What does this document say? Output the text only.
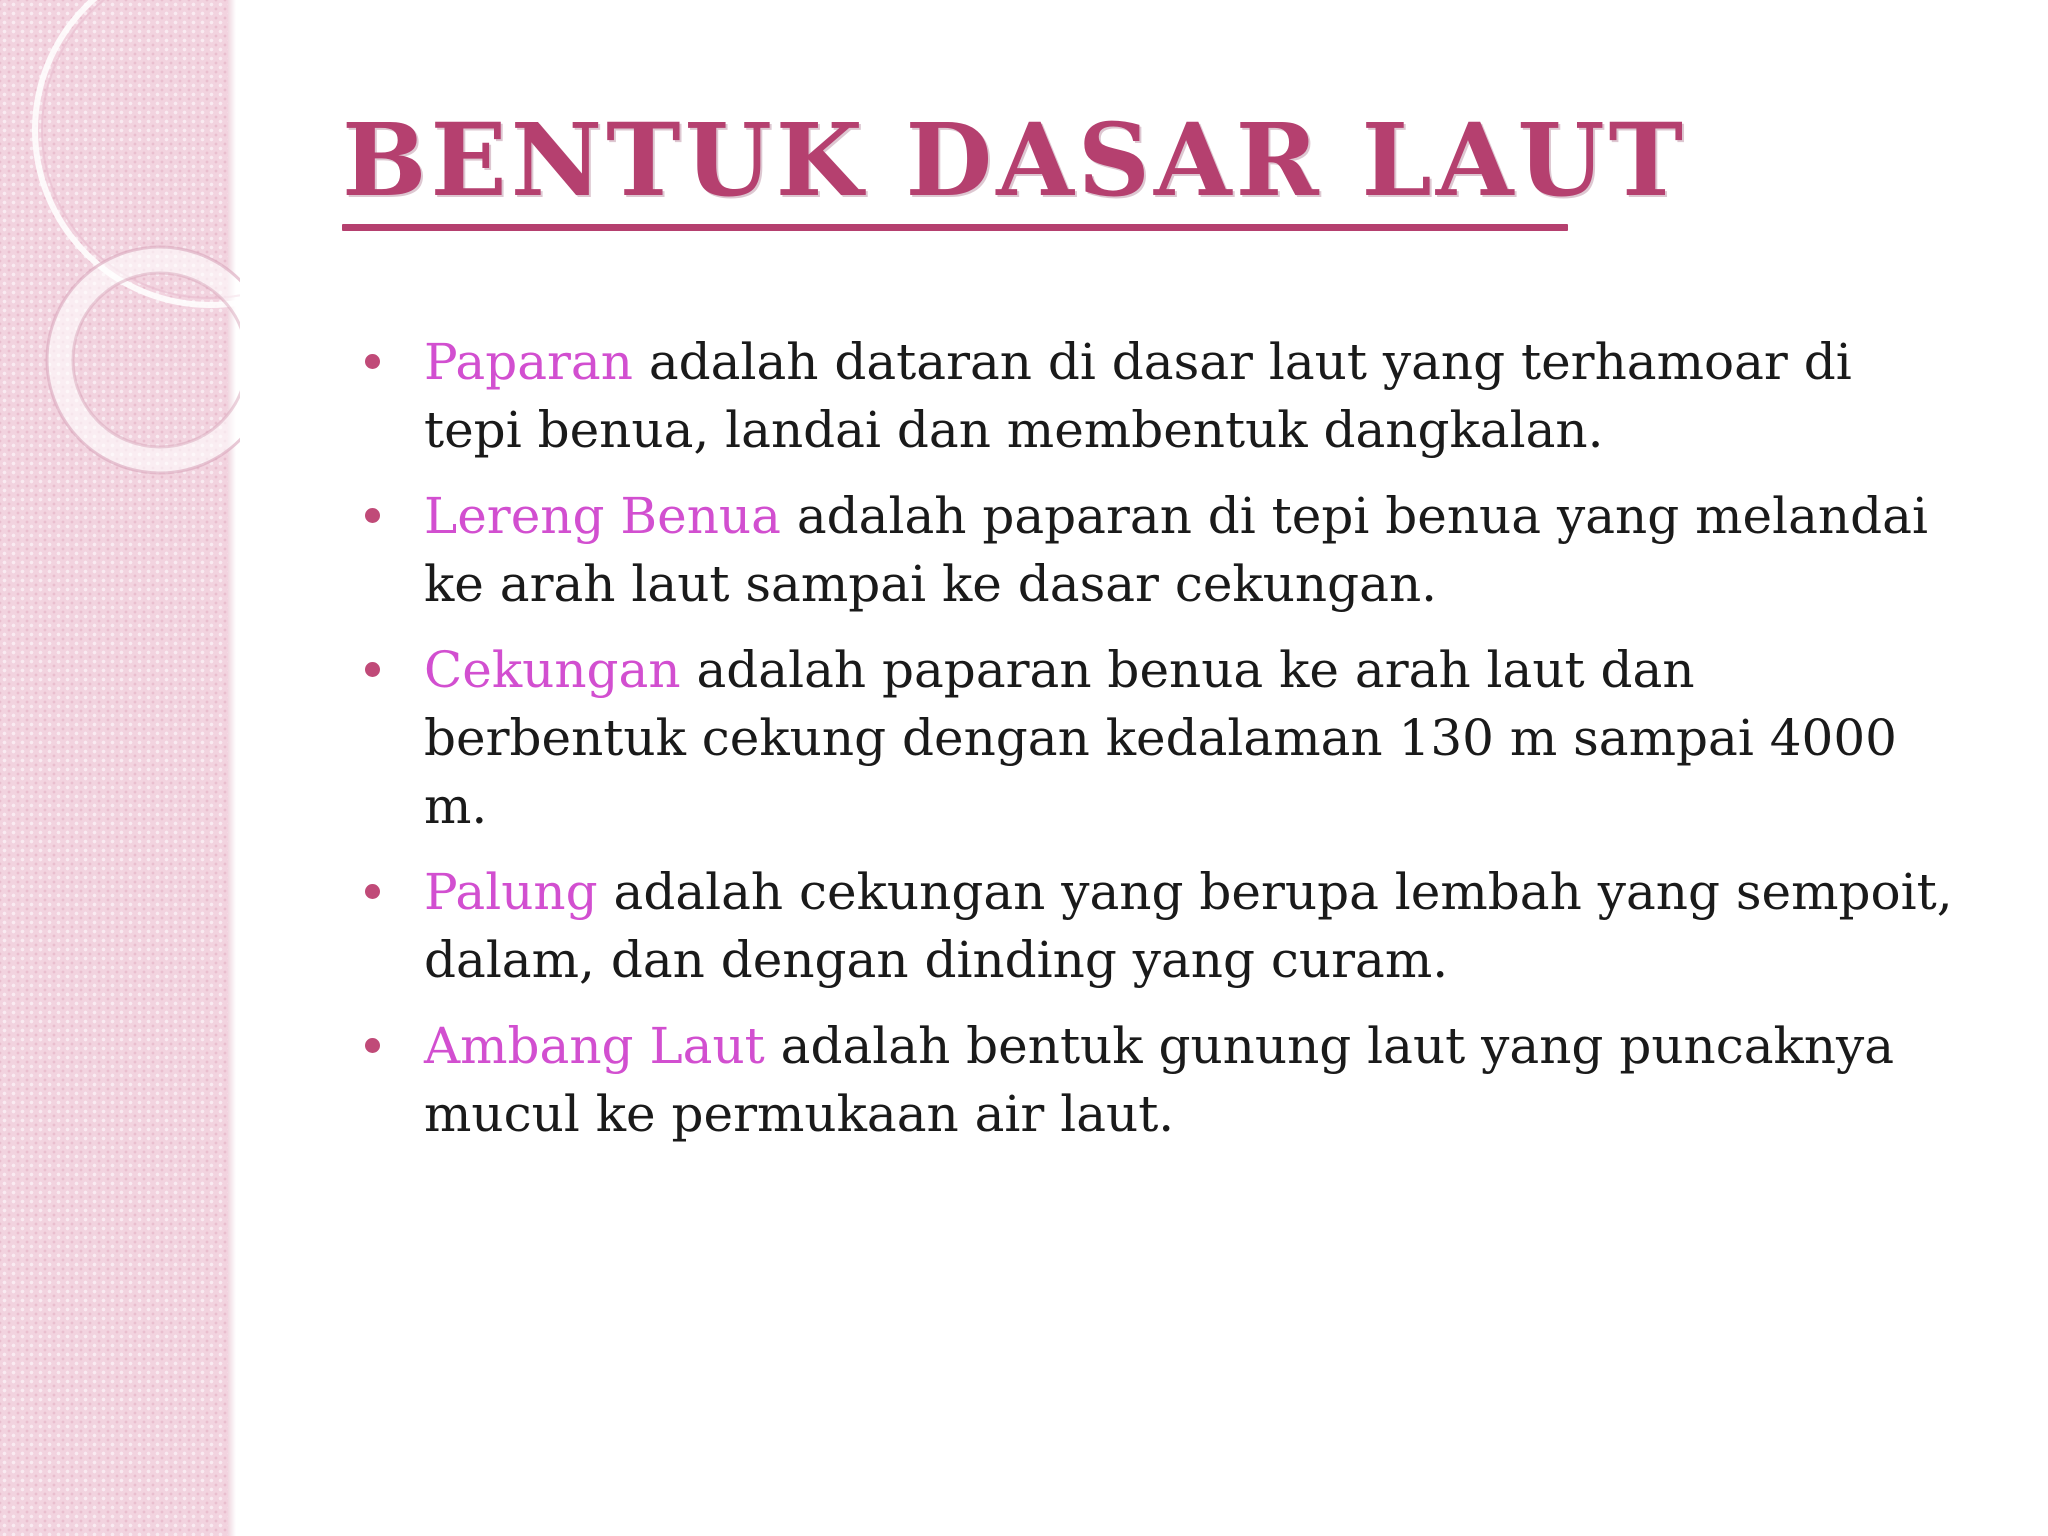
BENTUK DASAR LAUT
Paparan adalah dataran di dasar laut yang terhamoar di tepi benua, landai dan membentuk dangkalan.
Lereng Benua adalah paparan di tepi benua yang melandai ke arah laut sampai ke dasar cekungan.
Cekungan adalah paparan benua ke arah laut dan berbentuk cekung dengan kedalaman 130 m sampai 4000 m.
Palung adalah cekungan yang berupa lembah yang sempoit, dalam, dan dengan dinding yang curam.
Ambang Laut adalah bentuk gunung laut yang puncaknya mucul ke permukaan air laut.
